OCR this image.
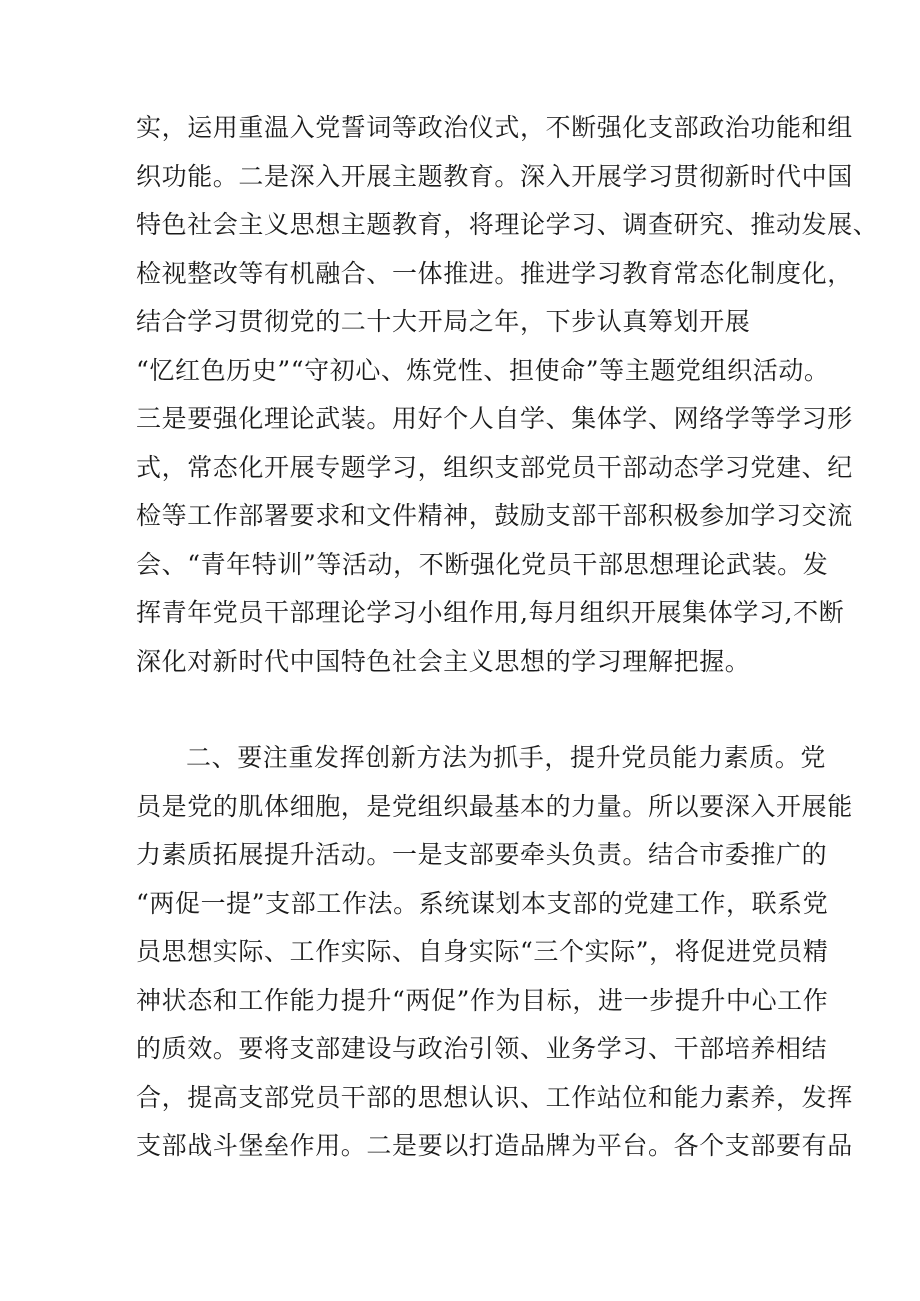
实，运用重温入党誓词等政治仪式，不断强化支部政治功能和组
织功能。二是深入开展主题教育。深入开展学习贯彻新时代中国
特色社会主义思想主题教育，将理论学习、调查研究、推动发展、
检视整改等有机融合、一体推进。推进学习教育常态化制度化，
结合学习贯彻党的二十大开局之年，下步认真筹划开展
“忆红色历史”“守初心、炼党性、担使命”等主题党组织活动。
三是要强化理论武装。用好个人自学、集体学、网络学等学习形
式，常态化开展专题学习，组织支部党员干部动态学习党建、纪
检等工作部署要求和文件精神，鼓励支部干部积极参加学习交流
会、“青年特训”等活动，不断强化党员干部思想理论武装。发
挥青年党员干部理论学习小组作用,每月组织开展集体学习,不断
深化对新时代中国特色社会主义思想的学习理解把握。
二、要注重发挥创新方法为抓手，提升党员能力素质。党
员是党的肌体细胞，是党组织最基本的力量。所以要深入开展能
力素质拓展提升活动。一是支部要牵头负责。结合市委推广的
“两促一提”支部工作法。系统谋划本支部的党建工作，联系党
员思想实际、工作实际、自身实际“三个实际”，将促进党员精
神状态和工作能力提升“两促”作为目标，进一步提升中心工作
的质效。要将支部建设与政治引领、业务学习、干部培养相结
合，提高支部党员干部的思想认识、工作站位和能力素养，发挥
支部战斗堡垒作用。二是要以打造品牌为平台。各个支部要有品
